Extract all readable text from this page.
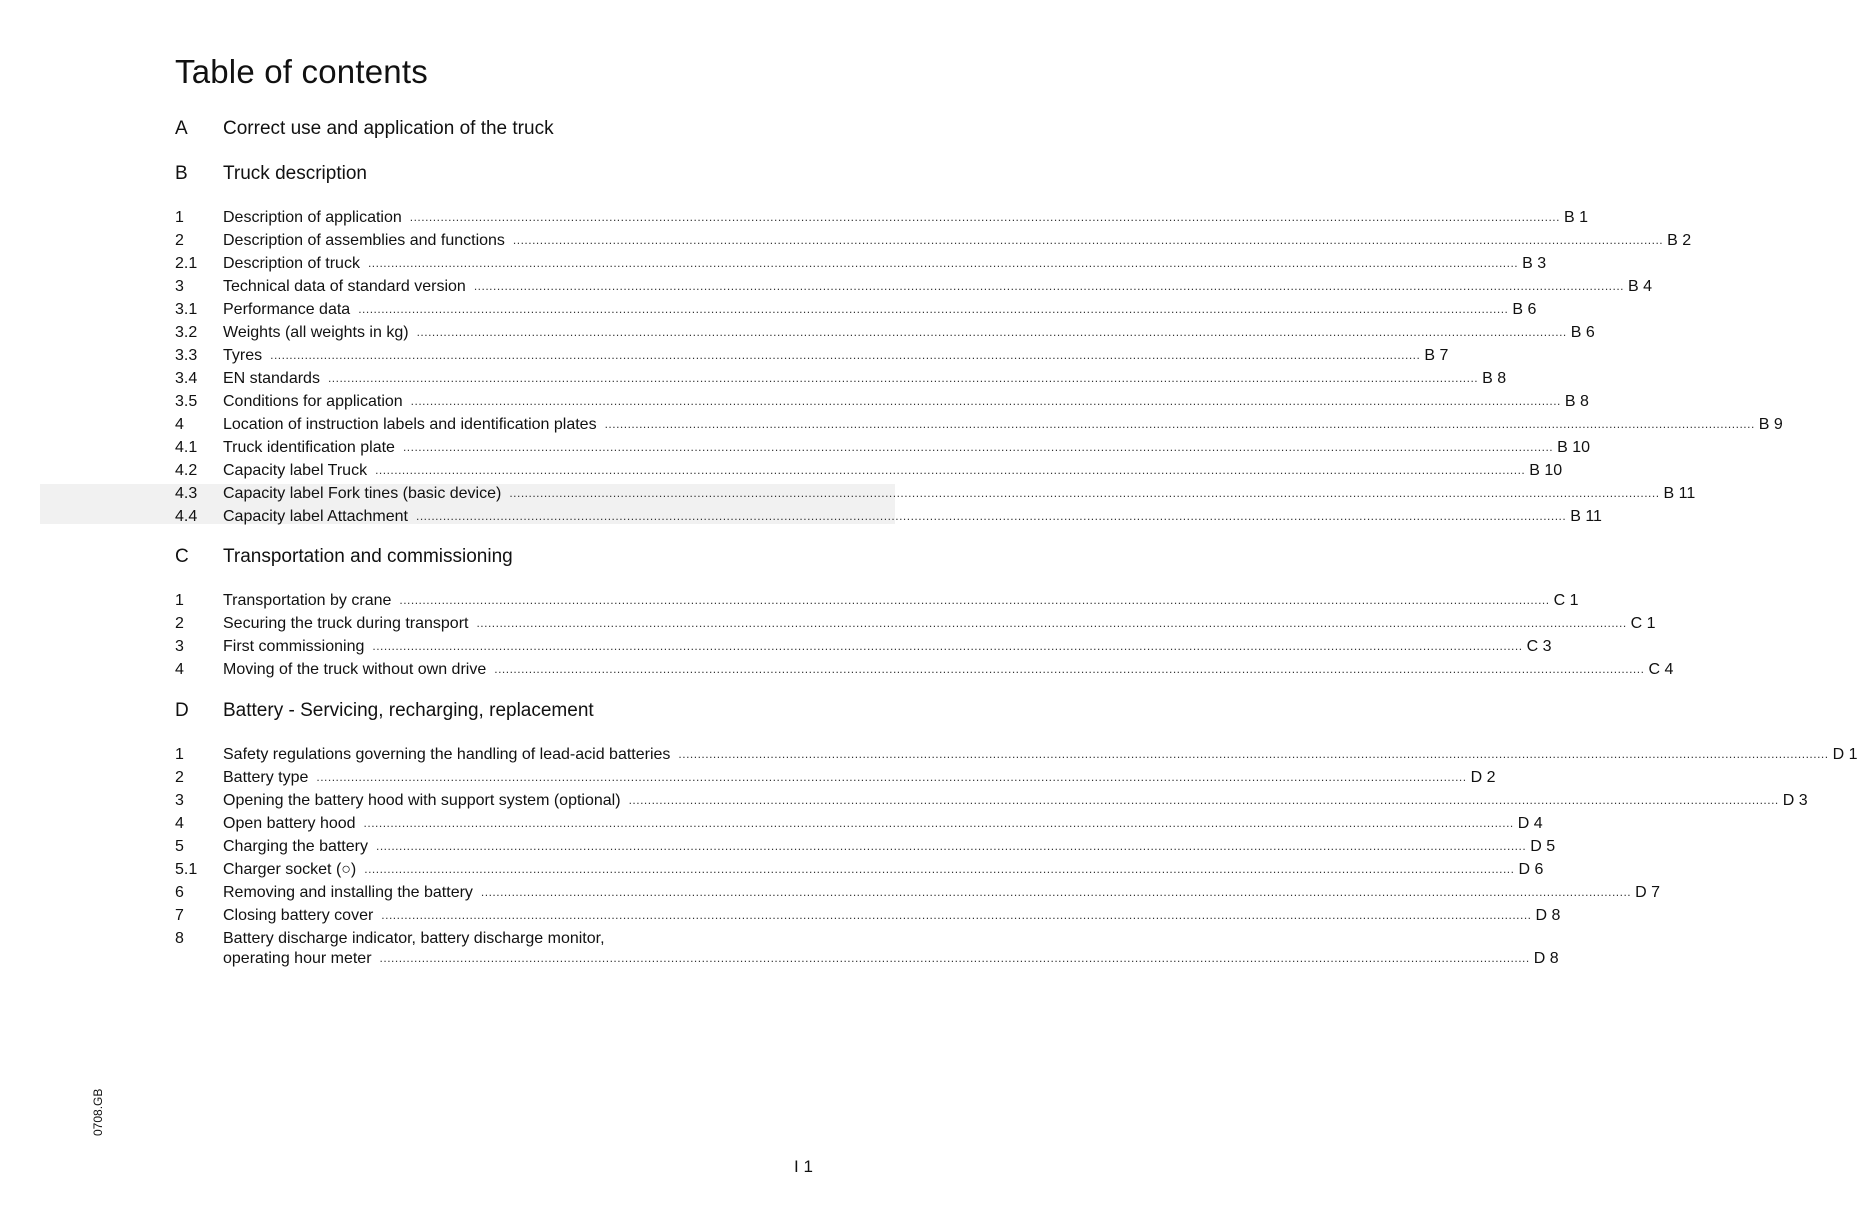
Table of contents
A Correct use and application of the truck
B Truck description
1 Description of application ............................................................................................................................................................................................................................................................................................................ B 1
2 Description of assemblies and functions ............................................................................................................................................................................................................................................................................................................ B 2
2.1 Description of truck ............................................................................................................................................................................................................................................................................................................ B 3
3 Technical data of standard version ............................................................................................................................................................................................................................................................................................................ B 4
3.1 Performance data ............................................................................................................................................................................................................................................................................................................ B 6
3.2 Weights (all weights in kg) ............................................................................................................................................................................................................................................................................................................ B 6
3.3 Tyres ............................................................................................................................................................................................................................................................................................................ B 7
3.4 EN standards ............................................................................................................................................................................................................................................................................................................ B 8
3.5 Conditions for application ............................................................................................................................................................................................................................................................................................................ B 8
4 Location of instruction labels and identification plates ............................................................................................................................................................................................................................................................................................................ B 9
4.1 Truck identification plate ............................................................................................................................................................................................................................................................................................................ B 10
4.2 Capacity label Truck ............................................................................................................................................................................................................................................................................................................ B 10
4.3 Capacity label Fork tines (basic device) ............................................................................................................................................................................................................................................................................................................ B 11
4.4 Capacity label Attachment ............................................................................................................................................................................................................................................................................................................ B 11
C Transportation and commissioning
1 Transportation by crane ............................................................................................................................................................................................................................................................................................................ C 1
2 Securing the truck during transport ............................................................................................................................................................................................................................................................................................................ C 1
3 First commissioning ............................................................................................................................................................................................................................................................................................................ C 3
4 Moving of the truck without own drive ............................................................................................................................................................................................................................................................................................................ C 4
D Battery - Servicing, recharging, replacement
1 Safety regulations governing the handling of lead-acid batteries ............................................................................................................................................................................................................................................................................................................ D 1
2 Battery type ............................................................................................................................................................................................................................................................................................................ D 2
3 Opening the battery hood with support system (optional) ............................................................................................................................................................................................................................................................................................................ D 3
4 Open battery hood ............................................................................................................................................................................................................................................................................................................ D 4
5 Charging the battery ............................................................................................................................................................................................................................................................................................................ D 5
5.1 Charger socket (○) ............................................................................................................................................................................................................................................................................................................ D 6
6 Removing and installing the battery ............................................................................................................................................................................................................................................................................................................ D 7
7 Closing battery cover ............................................................................................................................................................................................................................................................................................................ D 8
8 Battery discharge indicator, battery discharge monitor,
operating hour meter ............................................................................................................................................................................................................................................................................................................ D 8
0708.GB
I 1
